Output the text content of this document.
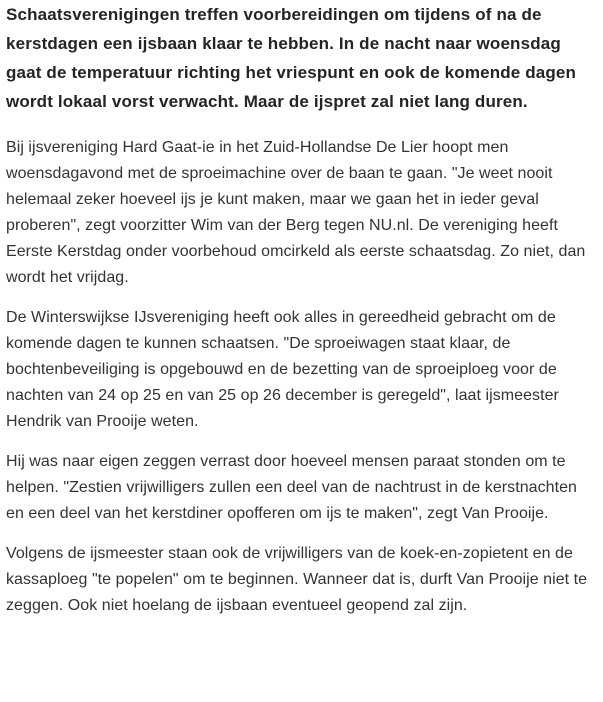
Schaatsverenigingen treffen voorbereidingen om tijdens of na de kerstdagen een ijsbaan klaar te hebben. In de nacht naar woensdag gaat de temperatuur richting het vriespunt en ook de komende dagen wordt lokaal vorst verwacht. Maar de ijspret zal niet lang duren.

Bij ijsvereniging Hard Gaat-ie in het Zuid-Hollandse De Lier hoopt men woensdagavond met de sproeimachine over de baan te gaan. "Je weet nooit helemaal zeker hoeveel ijs je kunt maken, maar we gaan het in ieder geval proberen", zegt voorzitter Wim van der Berg tegen NU.nl. De vereniging heeft Eerste Kerstdag onder voorbehoud omcirkeld als eerste schaatsdag. Zo niet, dan wordt het vrijdag.

De Winterswijkse IJsvereniging heeft ook alles in gereedheid gebracht om de komende dagen te kunnen schaatsen. "De sproeiwagen staat klaar, de bochtenbeveiliging is opgebouwd en de bezetting van de sproeiploeg voor de nachten van 24 op 25 en van 25 op 26 december is geregeld", laat ijsmeester Hendrik van Prooije weten.

Hij was naar eigen zeggen verrast door hoeveel mensen paraat stonden om te helpen. "Zestien vrijwilligers zullen een deel van de nachtrust in de kerstnachten en een deel van het kerstdiner opofferen om ijs te maken", zegt Van Prooije.

Volgens de ijsmeester staan ook de vrijwilligers van de koek-en-zopietent en de kassaploeg "te popelen" om te beginnen. Wanneer dat is, durft Van Prooije niet te zeggen. Ook niet hoelang de ijsbaan eventueel geopend zal zijn.
